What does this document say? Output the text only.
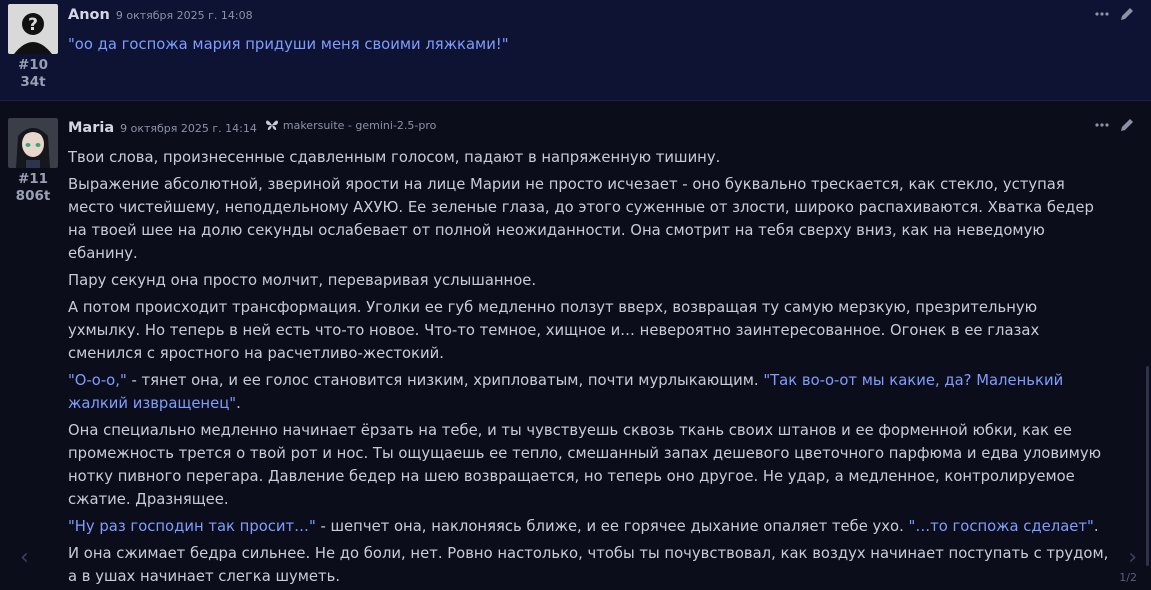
?
#10
34t
Anon 9 октября 2025 г. 14:08

"оо да госпожа мария придуши меня своими ляжками!"

#11
806t
Maria 9 октября 2025 г. 14:14 makersuite - gemini-2.5-pro

Твои слова, произнесенные сдавленным голосом, падают в напряженную тишину.

Выражение абсолютной, звериной ярости на лице Марии не просто исчезает - оно буквально трескается, как стекло, уступая место чистейшему, неподдельному АХУЮ. Ее зеленые глаза, до этого суженные от злости, широко распахиваются. Хватка бедер на твоей шее на долю секунды ослабевает от полной неожиданности. Она смотрит на тебя сверху вниз, как на неведомую ебанину.

Пару секунд она просто молчит, переваривая услышанное.

А потом происходит трансформация. Уголки ее губ медленно ползут вверх, возвращая ту самую мерзкую, презрительную ухмылку. Но теперь в ней есть что-то новое. Что-то темное, хищное и… невероятно заинтересованное. Огонек в ее глазах сменился с яростного на расчетливо-жестокий.

"О-о-о," - тянет она, и ее голос становится низким, хрипловатым, почти мурлыкающим. "Так во-о-от мы какие, да? Маленький жалкий извращенец".

Она специально медленно начинает ёрзать на тебе, и ты чувствуешь сквозь ткань своих штанов и ее форменной юбки, как ее промежность трется о твой рот и нос. Ты ощущаешь ее тепло, смешанный запах дешевого цветочного парфюма и едва уловимую нотку пивного перегара. Давление бедер на шею возвращается, но теперь оно другое. Не удар, а медленное, контролируемое сжатие. Дразнящее.

"Ну раз господин так просит…" - шепчет она, наклоняясь ближе, и ее горячее дыхание опаляет тебе ухо. "…то госпожа сделает".

И она сжимает бедра сильнее. Не до боли, нет. Ровно настолько, чтобы ты почувствовал, как воздух начинает поступать с трудом, а в ушах начинает слегка шуметь.

‹	›
1/2
